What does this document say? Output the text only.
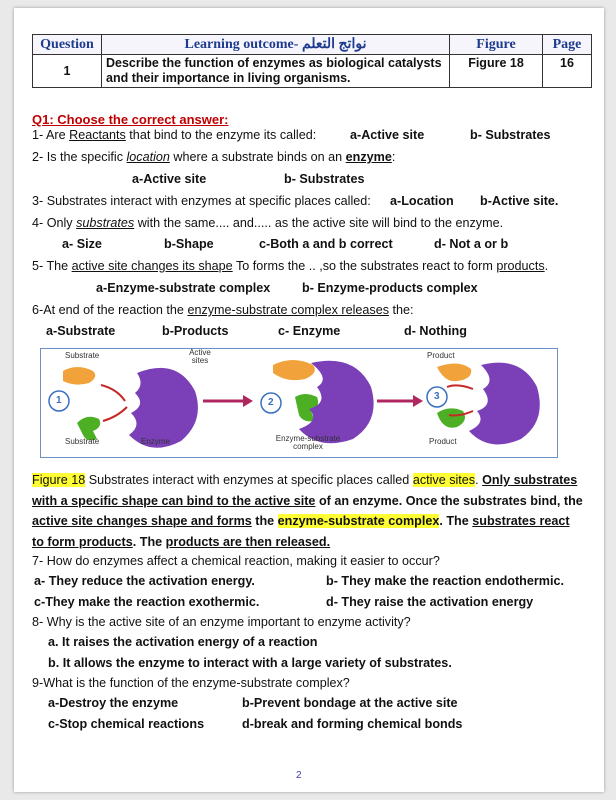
Question	Learning outcome- نواتج التعلم	Figure	Page
1	Describe the function of enzymes as biological catalysts and their importance in living organisms.	Figure 18	16
Q1: Choose the correct answer:
1- Are Reactants that bind to the enzyme its called:	a-Active site	b- Substrates
2- Is the specific location where a substrate binds on an enzyme:
a-Active site	b- Substrates
3- Substrates interact with enzymes at specific places called: a-Location b-Active site.
4- Only substrates with the same.... and..... as the active site will bind to the enzyme.
a- Size	b-Shape	c-Both a and b correct	d- Not a or b
5- The active site changes its shape To forms the .. ,so the substrates react to form products.
a-Enzyme-substrate complex	b- Enzyme-products complex
6-At end of the reaction the enzyme-substrate complex releases the:
a-Substrate	b-Products	c- Enzyme	d- Nothing
Substrate	Active sites
Product
Substrate	Enzyme	Enzyme-substrate complex
Product
1	2
3
Figure 18 Substrates interact with enzymes at specific places called active sites. Only substrates with a specific shape can bind to the active site of an enzyme. Once the substrates bind, the active site changes shape and forms the enzyme-substrate complex. The substrates react to form products. The products are then released.
7- How do enzymes affect a chemical reaction, making it easier to occur?
a- They reduce the activation energy.	b- They make the reaction endothermic.
c-They make the reaction exothermic.	d- They raise the activation energy
8- Why is the active site of an enzyme important to enzyme activity?
a. It raises the activation energy of a reaction
b. It allows the enzyme to interact with a large variety of substrates.
9-What is the function of the enzyme-substrate complex?
a-Destroy the enzyme	b-Prevent bondage at the active site
c-Stop chemical reactions	d-break and forming chemical bonds
2
